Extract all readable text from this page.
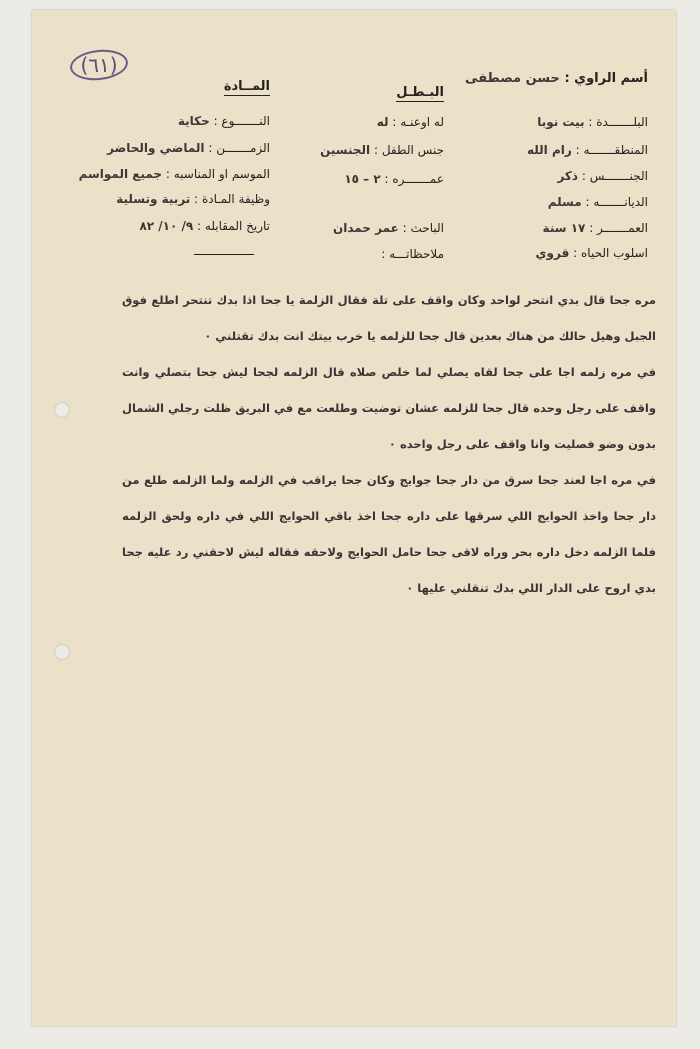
(٦١)
أسم الراوي : حسن مصطفى
البـطـل
المــادة
البلـــــــدة : بيت نوبا
المنطقـــــــه : رام الله
الجنـــــــس : ذكر
الديانـــــــه : مسلم
العمـــــــر : ١٧ سنة
اسلوب الحياه : قروي
له اوعنـه : له
جنس الطفل : الجنسين
عمـــــــره : ٢ – ١٥
الباحث : عمر حمدان
ملاحظاتـــه :
النـــــــوع : حكاية
الزمـــــــن : الماضي والحاضر
الموسم او المناسبه : جميع المواسم
وظيفة المـادة : تربية وتسلية
تاريخ المقابله : ٩/ ١٠/ ٨٢
مره جحا قال بدي انتحر لواحد وكان واقف على تلة فقال الزلمة يا جحا اذا بدك تنتحر اطلع فوق الجبل وهيل حالك من هناك بعدين قال جحا للزلمه يا خرب بيتك انت بدك تقتلني ٠
في مره زلمه اجا على جحا لقاه يصلي لما خلص صلاه قال الزلمه لجحا ليش جحا بتصلي وانت واقف على رجل وحده قال جحا للزلمه عشان توضيت وطلعت مع في البريق ظلت رجلي الشمال بدون وضو فصليت وانا واقف على رجل واحده ٠
في مره اجا لعند جحا سرق من دار جحا جوايج وكان جحا يراقب في الزلمه ولما الزلمه طلع من دار جحا واخذ الحوايج اللي سرقها على داره جحا اخذ باقي الحوايج اللي في داره ولحق الزلمه فلما الزلمه دخل داره بحر وراه لاقى جحا حامل الحوايج ولاحقه فقاله ليش لاحقني رد عليه جحا بدي اروح على الدار اللي بدك تنقلني عليها ٠
